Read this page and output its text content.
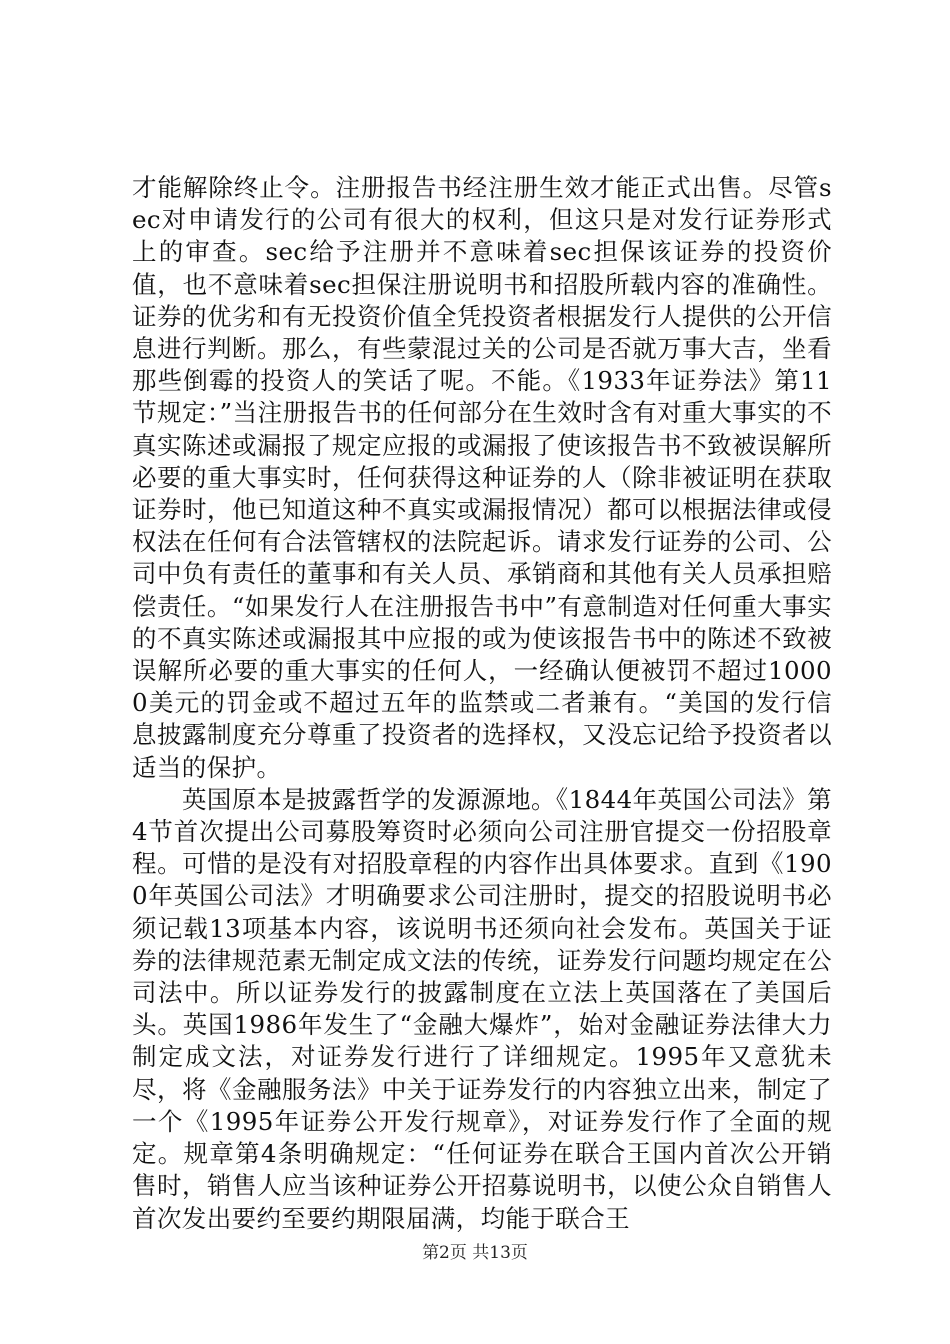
才能解除终止令。注册报告书经注册生效才能正式出售。尽管sec对申请发行的公司有很大的权利，但这只是对发行证券形式上的审查。sec给予注册并不意味着sec担保该证券的投资价值，也不意味着sec担保注册说明书和招股所载内容的准确性。证券的优劣和有无投资价值全凭投资者根据发行人提供的公开信息进行判断。那么，有些蒙混过关的公司是否就万事大吉，坐看那些倒霉的投资人的笑话了呢。不能。《1933年证券法》第11节规定：”当注册报告书的任何部分在生效时含有对重大事实的不真实陈述或漏报了规定应报的或漏报了使该报告书不致被误解所必要的重大事实时，任何获得这种证券的人（除非被证明在获取证券时，他已知道这种不真实或漏报情况）都可以根据法律或侵权法在任何有合法管辖权的法院起诉。请求发行证券的公司、公司中负有责任的董事和有关人员、承销商和其他有关人员承担赔偿责任。“如果发行人在注册报告书中”有意制造对任何重大事实的不真实陈述或漏报其中应报的或为使该报告书中的陈述不致被误解所必要的重大事实的任何人，一经确认便被罚不超过10000美元的罚金或不超过五年的监禁或二者兼有。“美国的发行信息披露制度充分尊重了投资者的选择权，又没忘记给予投资者以适当的保护。

英国原本是披露哲学的发源源地。《1844年英国公司法》第4节首次提出公司募股筹资时必须向公司注册官提交一份招股章程。可惜的是没有对招股章程的内容作出具体要求。直到《1900年英国公司法》才明确要求公司注册时，提交的招股说明书必须记载13项基本内容，该说明书还须向社会发布。英国关于证券的法律规范素无制定成文法的传统，证券发行问题均规定在公司法中。所以证券发行的披露制度在立法上英国落在了美国后头。英国1986年发生了“金融大爆炸”，始对金融证券法律大力制定成文法，对证券发行进行了详细规定。1995年又意犹未尽，将《金融服务法》中关于证券发行的内容独立出来，制定了一个《1995年证券公开发行规章》，对证券发行作了全面的规定。规章第4条明确规定：“任何证券在联合王国内首次公开销售时，销售人应当该种证券公开招募说明书，以使公众自销售人首次发出要约至要约期限届满，均能于联合王

第2页 共13页
